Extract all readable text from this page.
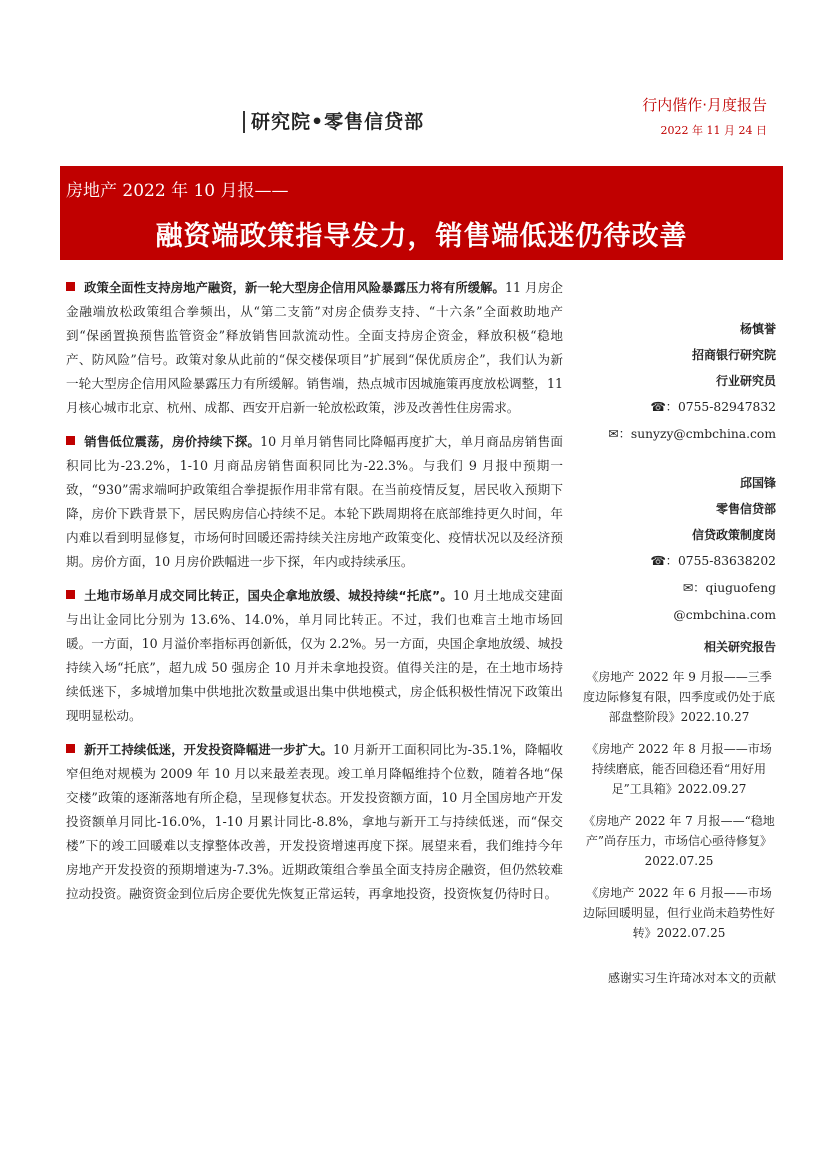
研究院•零售信贷部
行内偕作·月度报告
2022 年 11 月 24 日
房地产 2022 年 10 月报——
融资端政策指导发力，销售端低迷仍待改善

政策全面性支持房地产融资，新一轮大型房企信用风险暴露压力将有所缓解。11 月房企金融端放松政策组合拳频出，从“第二支箭”对房企债券支持、“十六条”全面救助地产到“保函置换预售监管资金”释放销售回款流动性。全面支持房企资金，释放积极“稳地产、防风险”信号。政策对象从此前的“保交楼保项目”扩展到“保优质房企”，我们认为新一轮大型房企信用风险暴露压力有所缓解。销售端，热点城市因城施策再度放松调整，11 月核心城市北京、杭州、成都、西安开启新一轮放松政策，涉及改善性住房需求。

销售低位震荡，房价持续下探。10 月单月销售同比降幅再度扩大，单月商品房销售面积同比为-23.2%，1-10 月商品房销售面积同比为-22.3%。与我们 9 月报中预期一致，“930”需求端呵护政策组合拳提振作用非常有限。在当前疫情反复，居民收入预期下降，房价下跌背景下，居民购房信心持续不足。本轮下跌周期将在底部维持更久时间，年内难以看到明显修复，市场何时回暖还需持续关注房地产政策变化、疫情状况以及经济预期。房价方面，10 月房价跌幅进一步下探，年内或持续承压。

土地市场单月成交同比转正，国央企拿地放缓、城投持续“托底”。10 月土地成交建面与出让金同比分别为 13.6%、14.0%，单月同比转正。不过，我们也难言土地市场回暖。一方面，10 月溢价率指标再创新低，仅为 2.2%。另一方面，央国企拿地放缓、城投持续入场“托底”，超九成 50 强房企 10 月并未拿地投资。值得关注的是，在土地市场持续低迷下，多城增加集中供地批次数量或退出集中供地模式，房企低积极性情况下政策出现明显松动。

新开工持续低迷，开发投资降幅进一步扩大。10 月新开工面积同比为-35.1%，降幅收窄但绝对规模为 2009 年 10 月以来最差表现。竣工单月降幅维持个位数，随着各地“保交楼”政策的逐渐落地有所企稳，呈现修复状态。开发投资额方面，10 月全国房地产开发投资额单月同比-16.0%，1-10 月累计同比-8.8%，拿地与新开工与持续低迷，而“保交楼”下的竣工回暖难以支撑整体改善，开发投资增速再度下探。展望来看，我们维持今年房地产开发投资的预期增速为-7.3%。近期政策组合拳虽全面支持房企融资，但仍然较难拉动投资。融资资金到位后房企要优先恢复正常运转，再拿地投资，投资恢复仍待时日。

杨慎誉
招商银行研究院
行业研究员
☎：0755-82947832
✉：sunyzy@cmbchina.com
邱国锋
零售信贷部
信贷政策制度岗
☎：0755-83638202
✉：qiuguofeng @cmbchina.com
相关研究报告
《房地产 2022 年 9 月报——三季度边际修复有限，四季度或仍处于底部盘整阶段》2022.10.27
《房地产 2022 年 8 月报——市场持续磨底，能否回稳还看“用好用足”工具箱》2022.09.27
《房地产 2022 年 7 月报——“稳地产”尚存压力，市场信心亟待修复》2022.07.25
《房地产 2022 年 6 月报——市场边际回暖明显，但行业尚未趋势性好转》2022.07.25
感谢实习生许琦冰对本文的贡献
